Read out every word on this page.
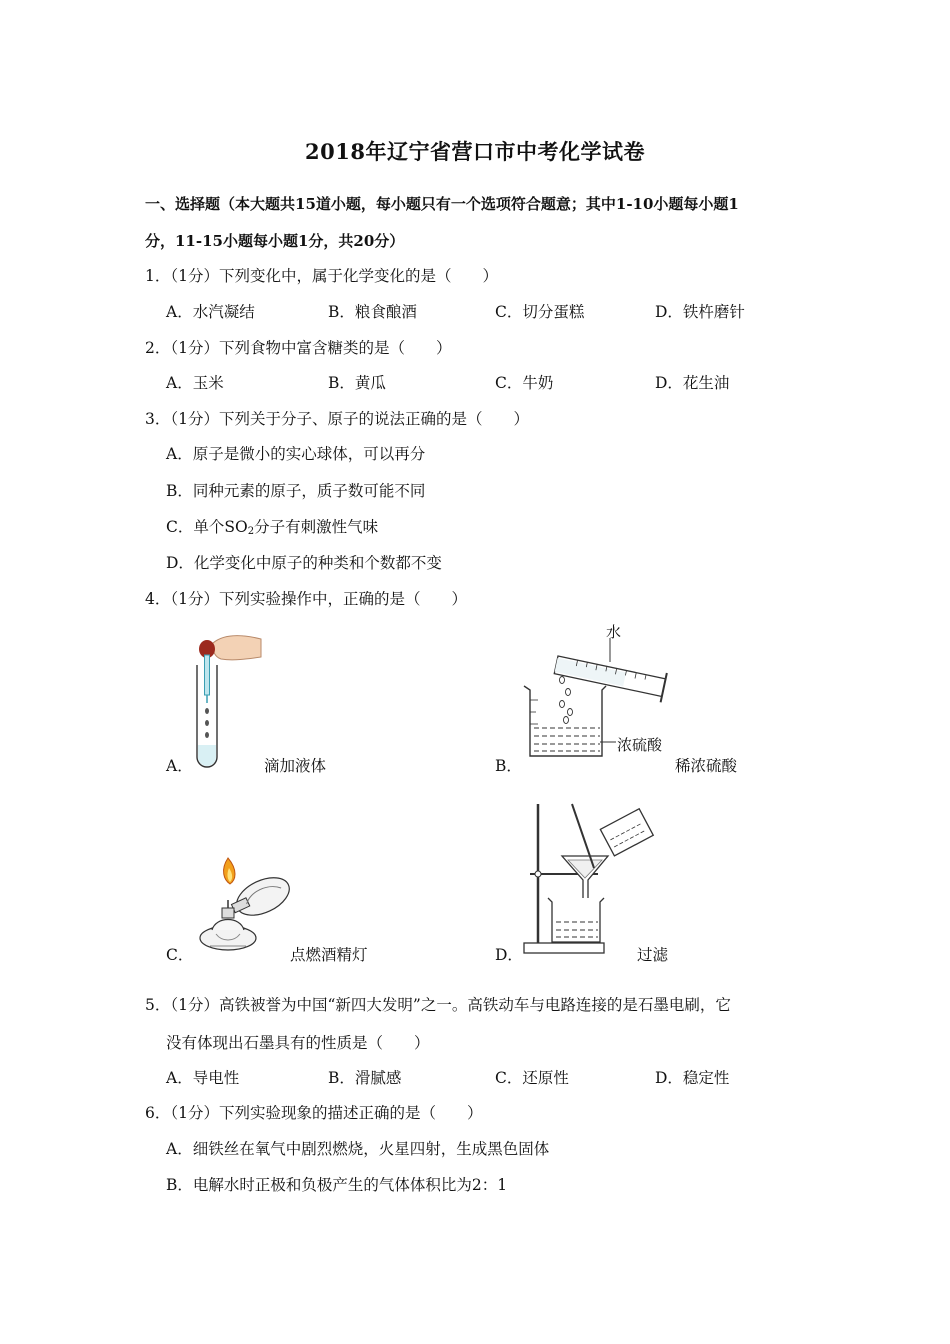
2018年辽宁省营口市中考化学试卷
一、选择题（本大题共15道小题，每小题只有一个选项符合题意；其中1-10小题每小题1
分，11-15小题每小题1分，共20分）
1．（1分）下列变化中，属于化学变化的是（　　）
A．水汽凝结	B．粮食酿酒	C．切分蛋糕	D．铁杵磨针
2．（1分）下列食物中富含糖类的是（　　）
A．玉米	B．黄瓜	C．牛奶	D．花生油
3．（1分）下列关于分子、原子的说法正确的是（　　）
A．原子是微小的实心球体，可以再分
B．同种元素的原子，质子数可能不同
C．单个$SO_2$分子有刺激性气味
D．化学变化中原子的种类和个数都不变
4．（1分）下列实验操作中，正确的是（　　）
A．	滴加液体
水
浓硫酸
B．	稀浓硫酸
C．	点燃酒精灯	D．	过滤
5．（1分）高铁被誉为中国“新四大发明”之一。高铁动车与电路连接的是石墨电刷，它
没有体现出石墨具有的性质是（　　）
A．导电性	B．滑腻感	C．还原性	D．稳定性
6．（1分）下列实验现象的描述正确的是（　　）
A．细铁丝在氧气中剧烈燃烧，火星四射，生成黑色固体
B．电解水时正极和负极产生的气体体积比为2：1
